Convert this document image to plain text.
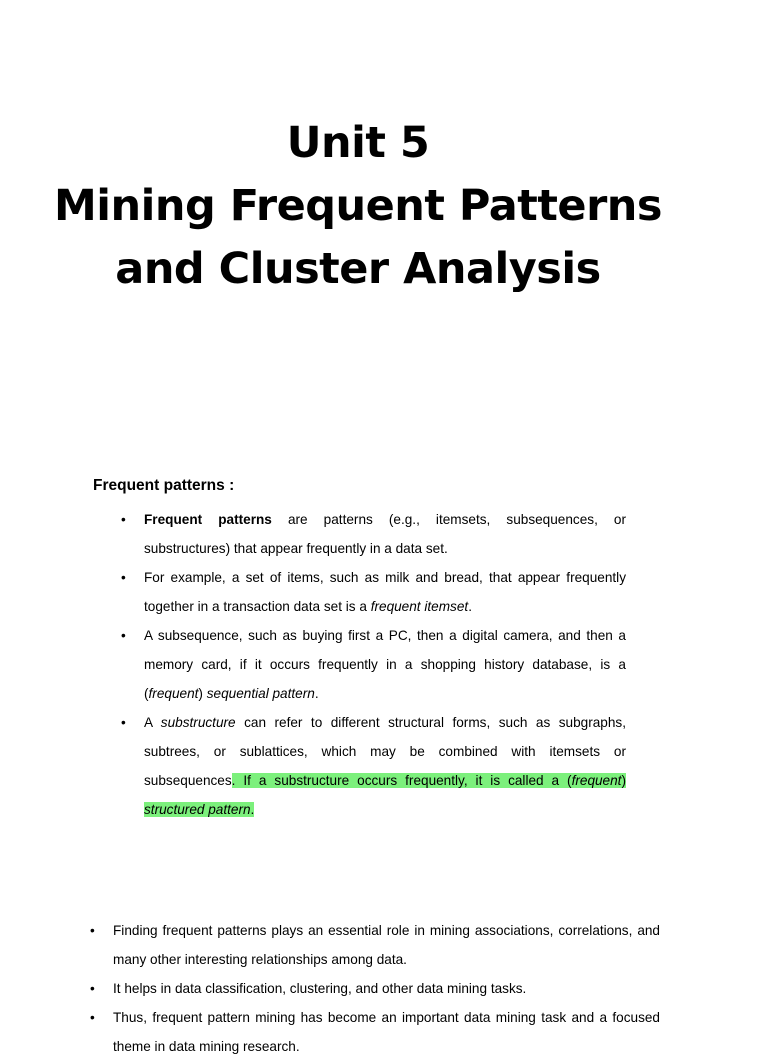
Unit 5
Mining Frequent Patterns
and Cluster Analysis
Frequent patterns :
• Frequent patterns are patterns (e.g., itemsets, subsequences, or substructures) that appear frequently in a data set.
• For example, a set of items, such as milk and bread, that appear frequently together in a transaction data set is a frequent itemset.
• A subsequence, such as buying first a PC, then a digital camera, and then a memory card, if it occurs frequently in a shopping history database, is a (frequent) sequential pattern.
• A substructure can refer to different structural forms, such as subgraphs, subtrees, or sublattices, which may be combined with itemsets or subsequences. If a substructure occurs frequently, it is called a (frequent) structured pattern.
• Finding frequent patterns plays an essential role in mining associations, correlations, and many other interesting relationships among data.
• It helps in data classification, clustering, and other data mining tasks.
• Thus, frequent pattern mining has become an important data mining task and a focused theme in data mining research.
